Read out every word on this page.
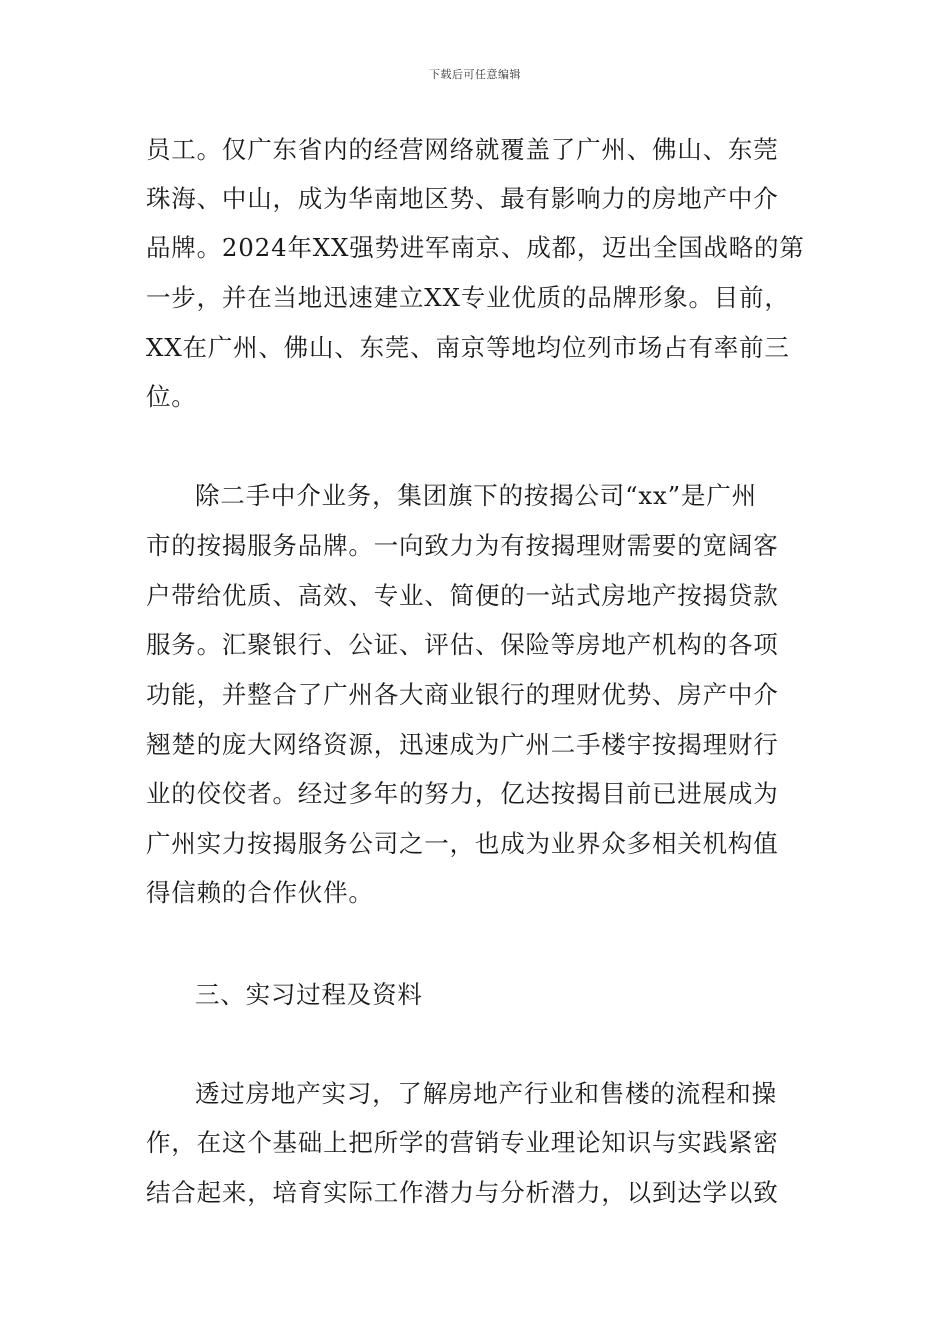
下载后可任意编辑
员工。仅广东省内的经营网络就覆盖了广州、佛山、东莞
珠海、中山，成为华南地区势、最有影响力的房地产中介
品牌。2024年XX强势进军南京、成都，迈出全国战略的第
一步，并在当地迅速建立XX专业优质的品牌形象。目前，
XX在广州、佛山、东莞、南京等地均位列市场占有率前三
位。
除二手中介业务，集团旗下的按揭公司“xx”是广州
市的按揭服务品牌。一向致力为有按揭理财需要的宽阔客
户带给优质、高效、专业、简便的一站式房地产按揭贷款
服务。汇聚银行、公证、评估、保险等房地产机构的各项
功能，并整合了广州各大商业银行的理财优势、房产中介
翘楚的庞大网络资源，迅速成为广州二手楼宇按揭理财行
业的佼佼者。经过多年的努力，亿达按揭目前已进展成为
广州实力按揭服务公司之一，也成为业界众多相关机构值
得信赖的合作伙伴。
三、实习过程及资料
透过房地产实习，了解房地产行业和售楼的流程和操
作，在这个基础上把所学的营销专业理论知识与实践紧密
结合起来，培育实际工作潜力与分析潜力，以到达学以致
